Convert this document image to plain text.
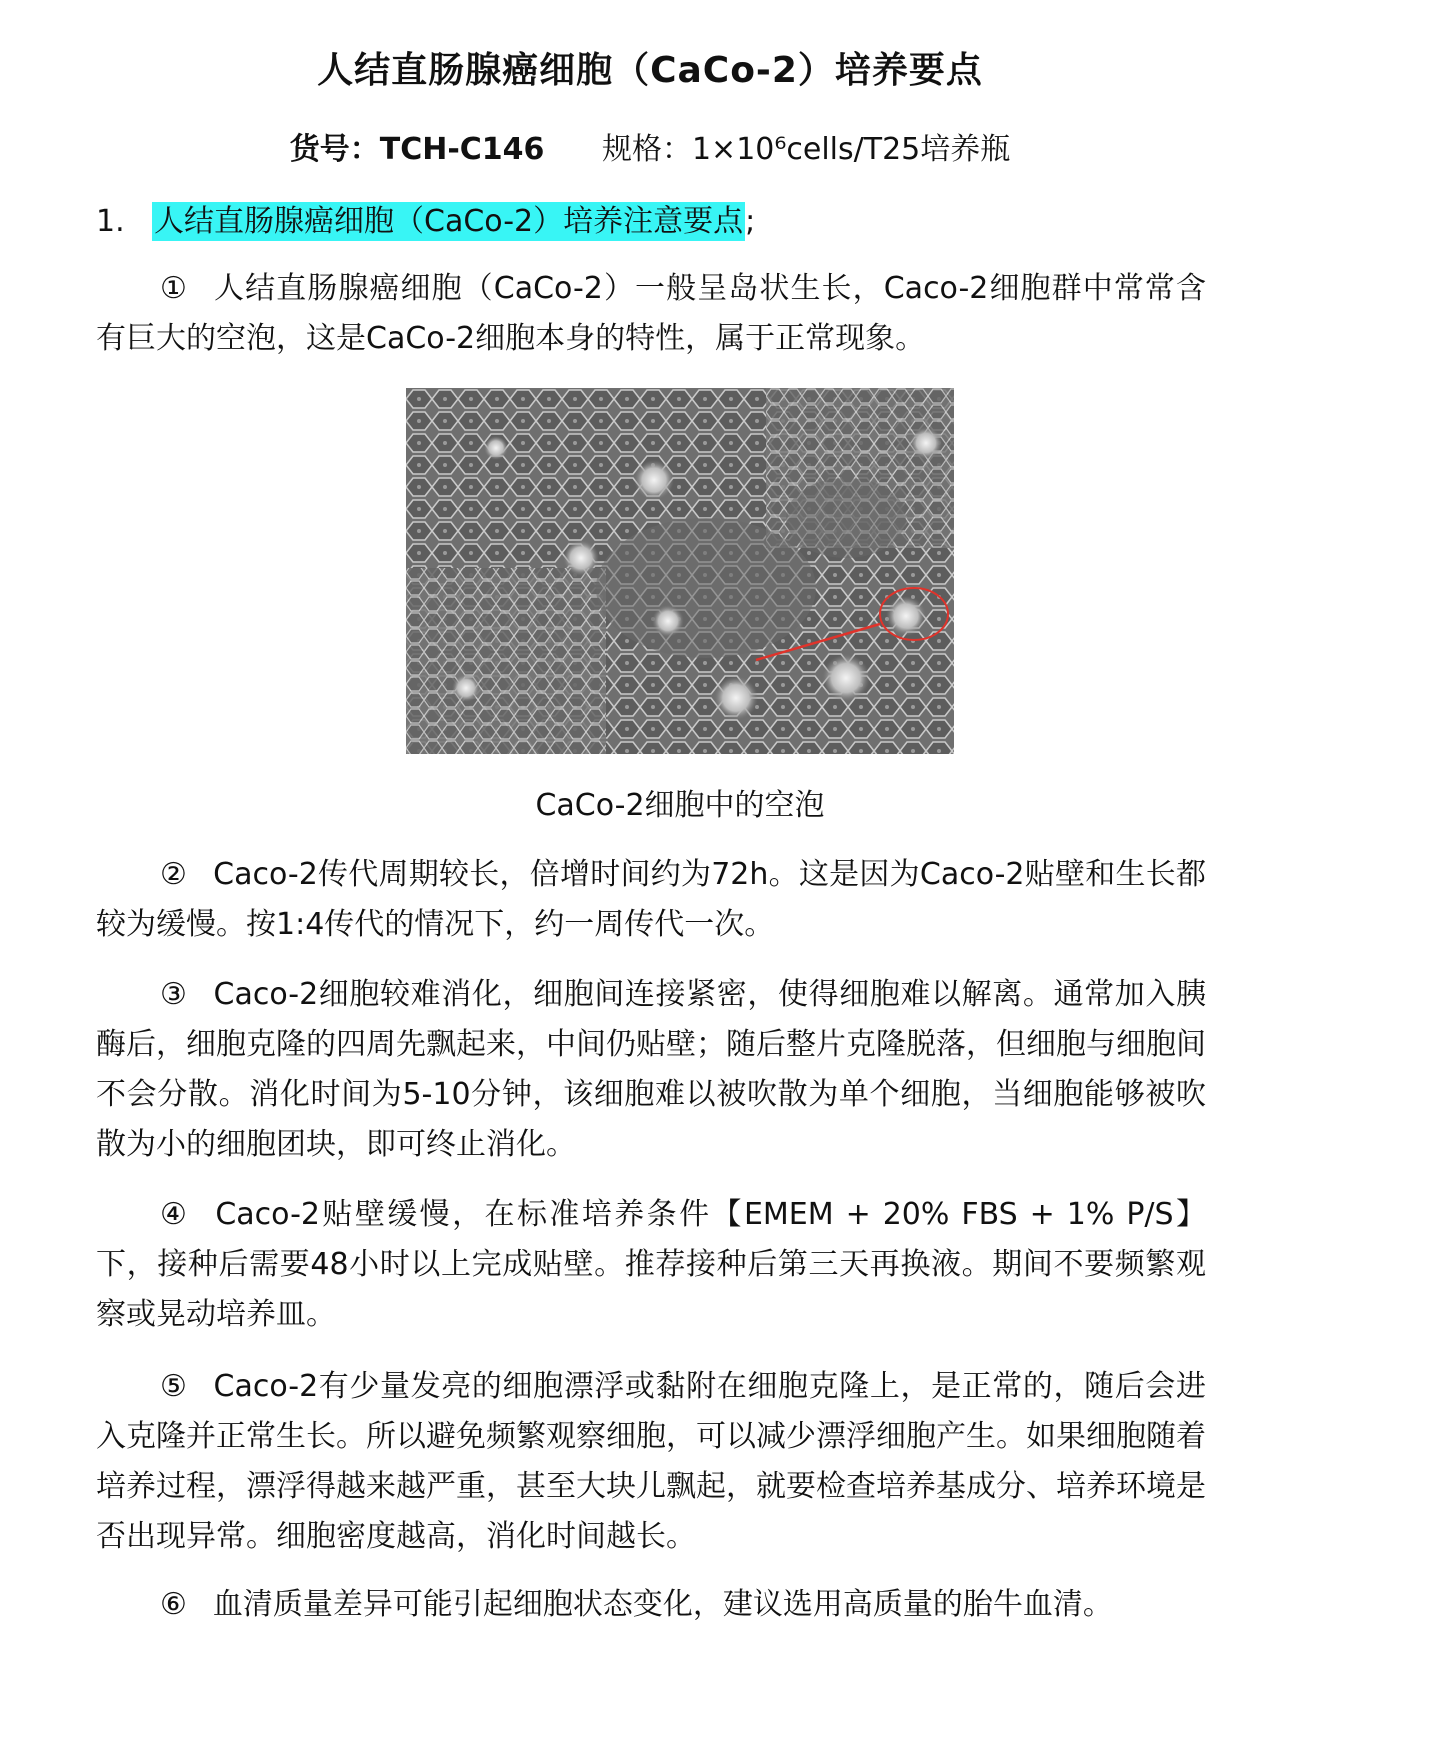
人结直肠腺癌细胞（CaCo-2）培养要点
货号：TCH-C146 规格：1×10⁶cells/T25培养瓶
1. 人结直肠腺癌细胞（CaCo-2）培养注意要点;
① 人结直肠腺癌细胞（CaCo-2）一般呈岛状生长，Caco-2细胞群中常常含有巨大的空泡，这是CaCo-2细胞本身的特性，属于正常现象。
CaCo-2细胞中的空泡
② Caco-2传代周期较长，倍增时间约为72h。这是因为Caco-2贴壁和生长都较为缓慢。按1:4传代的情况下，约一周传代一次。
③ Caco-2细胞较难消化，细胞间连接紧密，使得细胞难以解离。通常加入胰酶后，细胞克隆的四周先飘起来，中间仍贴壁；随后整片克隆脱落，但细胞与细胞间不会分散。消化时间为5-10分钟，该细胞难以被吹散为单个细胞，当细胞能够被吹散为小的细胞团块，即可终止消化。
④ Caco-2贴壁缓慢，在标准培养条件【EMEM + 20% FBS + 1% P/S】下，接种后需要48小时以上完成贴壁。推荐接种后第三天再换液。期间不要频繁观察或晃动培养皿。
⑤ Caco-2有少量发亮的细胞漂浮或黏附在细胞克隆上，是正常的，随后会进入克隆并正常生长。所以避免频繁观察细胞，可以减少漂浮细胞产生。如果细胞随着培养过程，漂浮得越来越严重，甚至大块儿飘起，就要检查培养基成分、培养环境是否出现异常。细胞密度越高，消化时间越长。
⑥ 血清质量差异可能引起细胞状态变化，建议选用高质量的胎牛血清。
